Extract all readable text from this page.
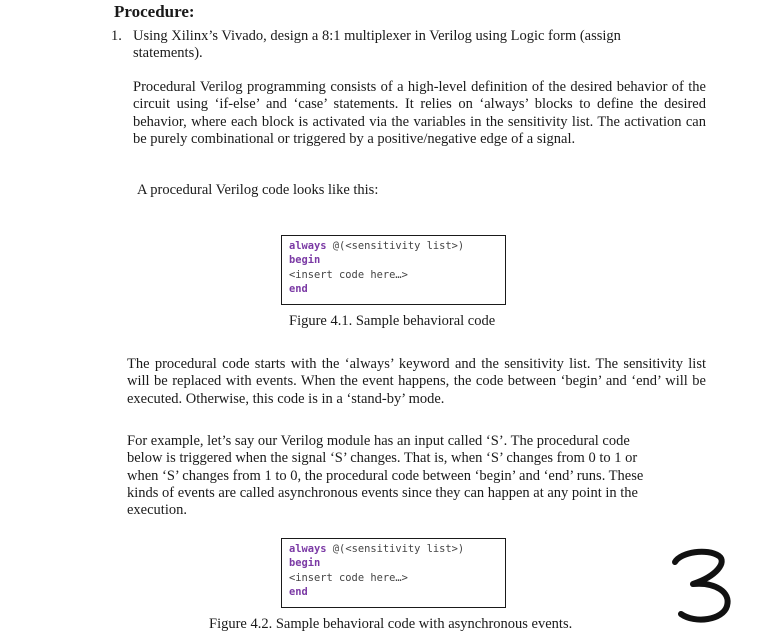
Procedure:
1. Using Xilinx’s Vivado, design a 8:1 multiplexer in Verilog using Logic form (assign statements).

Procedural Verilog programming consists of a high-level definition of the desired behavior of the circuit using ‘if-else’ and ‘case’ statements. It relies on ‘always’ blocks to define the desired behavior, where each block is activated via the variables in the sensitivity list. The activation can be purely combinational or triggered by a positive/negative edge of a signal.

A procedural Verilog code looks like this:
always @(<sensitivity list>)
begin
<insert code here…>
end
Figure 4.1. Sample behavioral code

The procedural code starts with the ‘always’ keyword and the sensitivity list. The sensitivity list will be replaced with events. When the event happens, the code between ‘begin’ and ‘end’ will be executed. Otherwise, this code is in a ‘stand-by’ mode.

For example, let’s say our Verilog module has an input called ‘S’. The procedural code below is triggered when the signal ‘S’ changes. That is, when ‘S’ changes from 0 to 1 or when ‘S’ changes from 1 to 0, the procedural code between ‘begin’ and ‘end’ runs. These kinds of events are called asynchronous events since they can happen at any point in the execution.

always @(<sensitivity list>)
begin
<insert code here…>
end
Figure 4.2. Sample behavioral code with asynchronous events.
